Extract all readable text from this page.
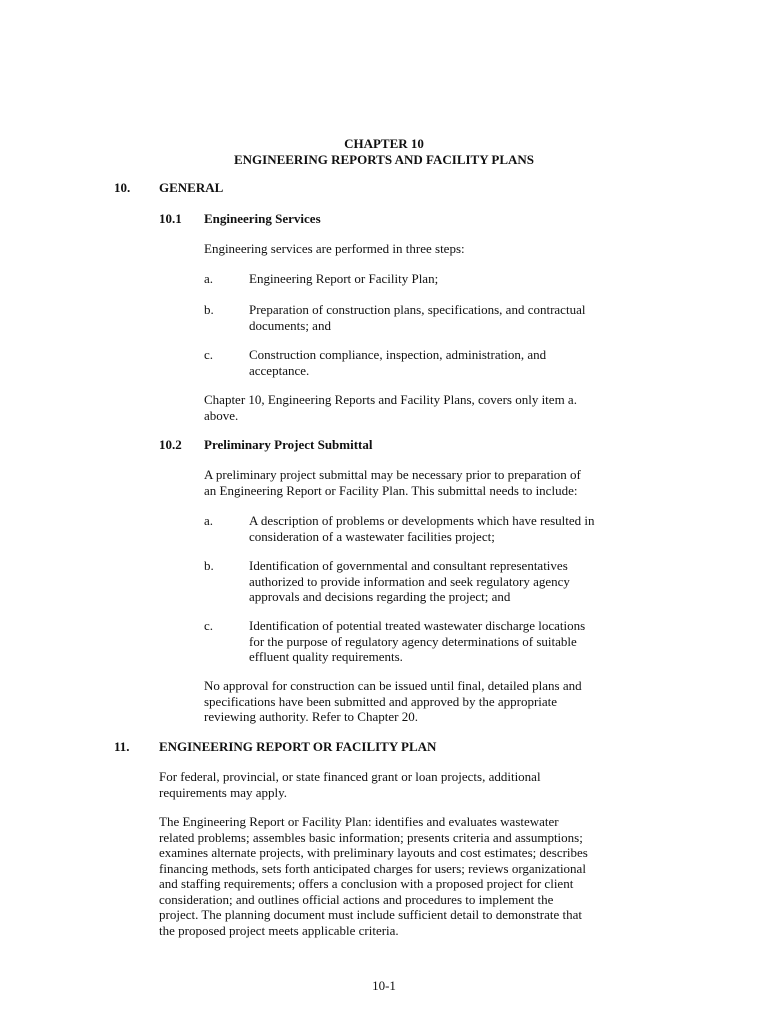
CHAPTER 10
ENGINEERING REPORTS AND FACILITY PLANS
10. GENERAL
10.1 Engineering Services
Engineering services are performed in three steps:
a.	Engineering Report or Facility Plan;
b.	Preparation of construction plans, specifications, and contractual
documents; and
c.	Construction compliance, inspection, administration, and
acceptance.
Chapter 10, Engineering Reports and Facility Plans, covers only item a.
above.
10.2 Preliminary Project Submittal
A preliminary project submittal may be necessary prior to preparation of
an Engineering Report or Facility Plan. This submittal needs to include:
a.	A description of problems or developments which have resulted in
consideration of a wastewater facilities project;
b.	Identification of governmental and consultant representatives
authorized to provide information and seek regulatory agency
approvals and decisions regarding the project; and
c.	Identification of potential treated wastewater discharge locations
for the purpose of regulatory agency determinations of suitable
effluent quality requirements.
No approval for construction can be issued until final, detailed plans and
specifications have been submitted and approved by the appropriate
reviewing authority. Refer to Chapter 20.
11. ENGINEERING REPORT OR FACILITY PLAN
For federal, provincial, or state financed grant or loan projects, additional
requirements may apply.
The Engineering Report or Facility Plan: identifies and evaluates wastewater
related problems; assembles basic information; presents criteria and assumptions;
examines alternate projects, with preliminary layouts and cost estimates; describes
financing methods, sets forth anticipated charges for users; reviews organizational
and staffing requirements; offers a conclusion with a proposed project for client
consideration; and outlines official actions and procedures to implement the
project. The planning document must include sufficient detail to demonstrate that
the proposed project meets applicable criteria.
10-1
